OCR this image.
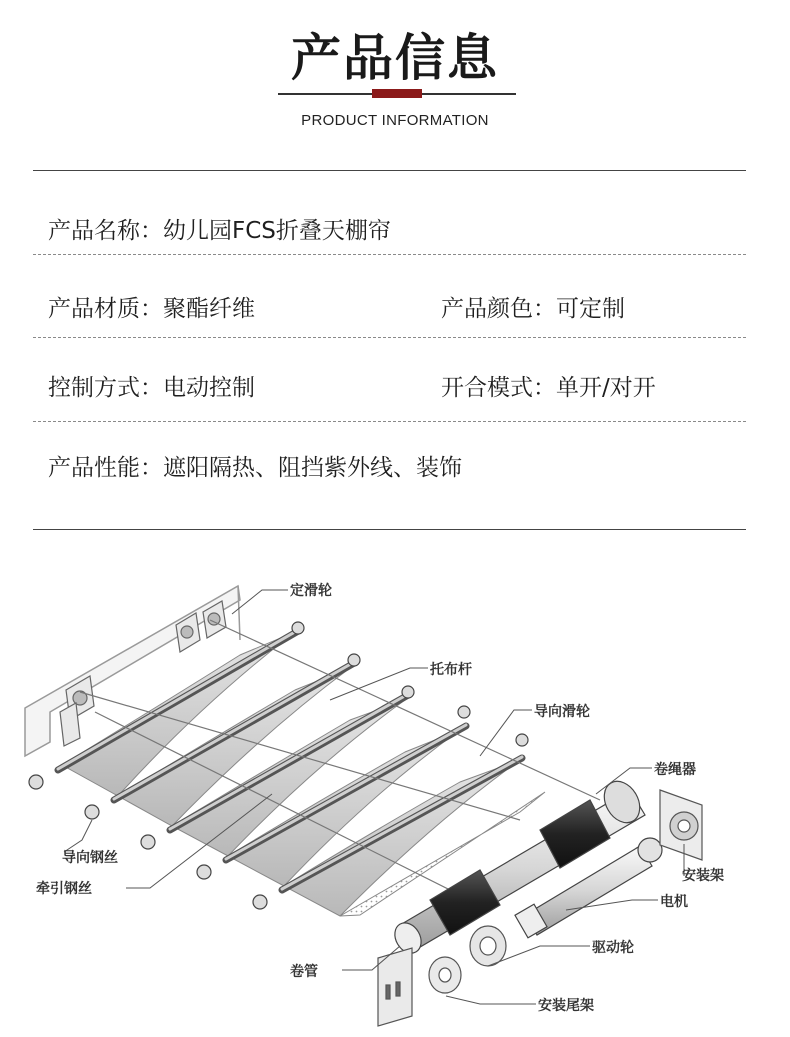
产品信息
PRODUCT INFORMATION
产品名称：幼儿园FCS折叠天棚帘
产品材质：聚酯纤维	产品颜色：可定制
控制方式：电动控制	开合模式：单开/对开
产品性能：遮阳隔热、阻挡紫外线、装饰
定滑轮
托布杆
导向滑轮
卷绳器
导向钢丝
牵引钢丝
安装架
电机
驱动轮
卷管
安装尾架
